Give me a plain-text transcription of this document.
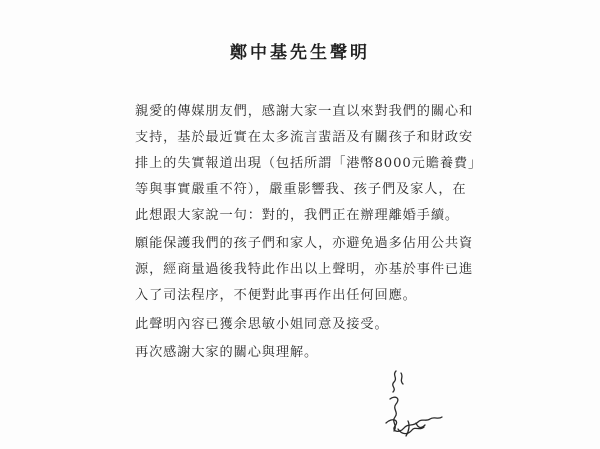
鄭中基先生聲明

親愛的傳媒朋友們，感謝大家一直以來對我們的關心和支持，基於最近實在太多流言蜚語及有關孩子和財政安排上的失實報道出現（包括所謂「港幣8000元贍養費」等與事實嚴重不符），嚴重影響我、孩子們及家人，在此想跟大家說一句：對的，我們正在辦理離婚手續。

願能保護我們的孩子們和家人，亦避免過多佔用公共資源，經商量過後我特此作出以上聲明，亦基於事件已進入了司法程序，不便對此事再作出任何回應。

此聲明內容已獲余思敏小姐同意及接受。

再次感謝大家的關心與理解。
